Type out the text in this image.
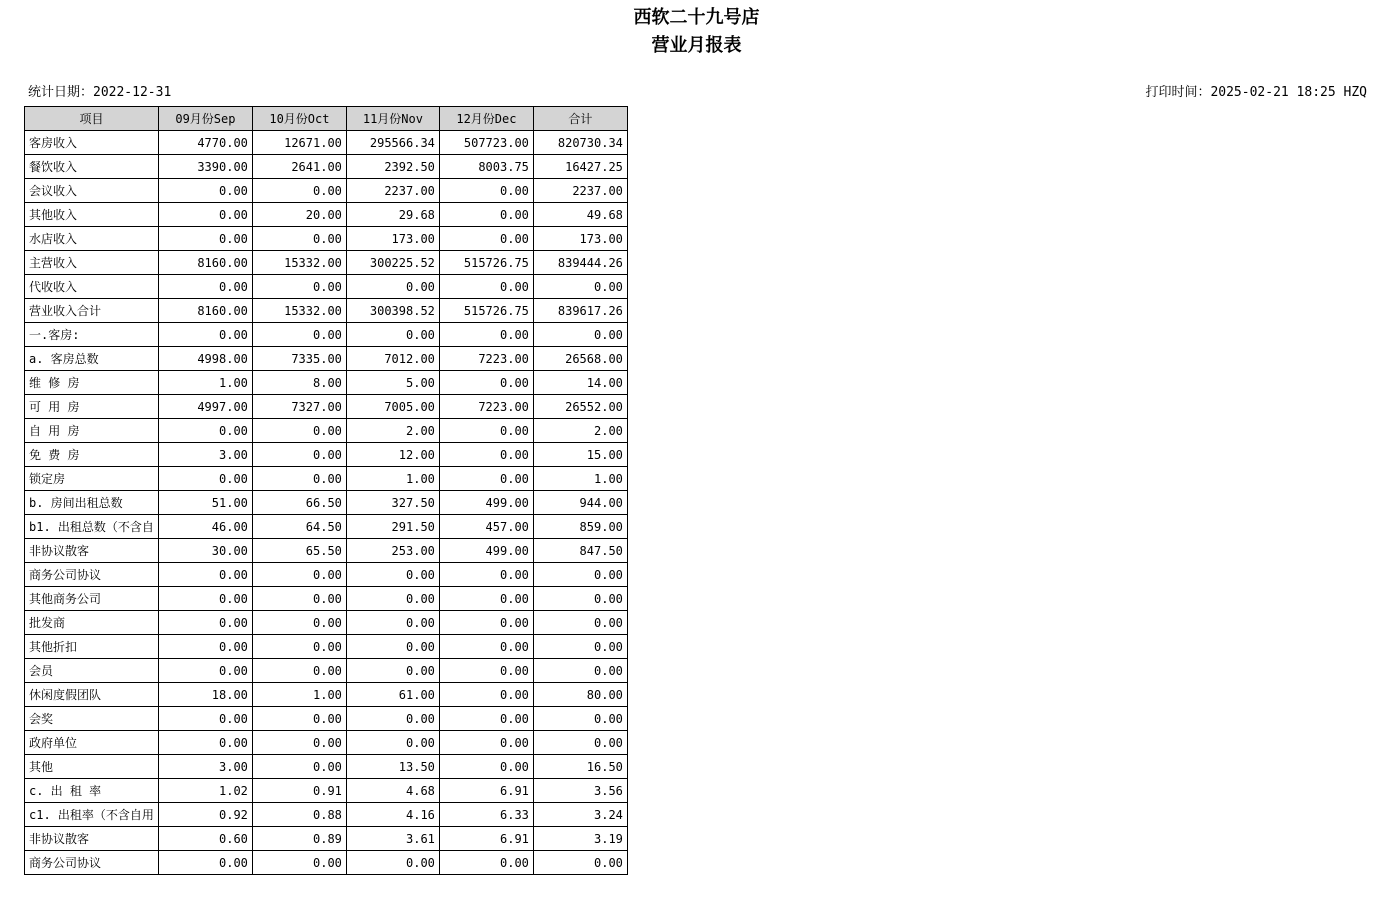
西软二十九号店
营业月报表
统计日期：2022-12-31	打印时间：2025-02-21 18:25 HZQ
项目	09月份Sep	10月份Oct	11月份Nov	12月份Dec	合计
客房收入	4770.00	12671.00	295566.34	507723.00	820730.34
餐饮收入	3390.00	2641.00	2392.50	8003.75	16427.25
会议收入	0.00	0.00	2237.00	0.00	2237.00
其他收入	0.00	20.00	29.68	0.00	49.68
水店收入	0.00	0.00	173.00	0.00	173.00
主营收入	8160.00	15332.00	300225.52	515726.75	839444.26
代收收入	0.00	0.00	0.00	0.00	0.00
营业收入合计	8160.00	15332.00	300398.52	515726.75	839617.26
一.客房:	0.00	0.00	0.00	0.00	0.00
a. 客房总数	4998.00	7335.00	7012.00	7223.00	26568.00
维 修 房	1.00	8.00	5.00	0.00	14.00
可 用 房	4997.00	7327.00	7005.00	7223.00	26552.00
自 用 房	0.00	0.00	2.00	0.00	2.00
免 费 房	3.00	0.00	12.00	0.00	15.00
锁定房	0.00	0.00	1.00	0.00	1.00
b. 房间出租总数	51.00	66.50	327.50	499.00	944.00
b1. 出租总数（不含自	46.00	64.50	291.50	457.00	859.00
非协议散客	30.00	65.50	253.00	499.00	847.50
商务公司协议	0.00	0.00	0.00	0.00	0.00
其他商务公司	0.00	0.00	0.00	0.00	0.00
批发商	0.00	0.00	0.00	0.00	0.00
其他折扣	0.00	0.00	0.00	0.00	0.00
会员	0.00	0.00	0.00	0.00	0.00
休闲度假团队	18.00	1.00	61.00	0.00	80.00
会奖	0.00	0.00	0.00	0.00	0.00
政府单位	0.00	0.00	0.00	0.00	0.00
其他	3.00	0.00	13.50	0.00	16.50
c. 出 租 率	1.02	0.91	4.68	6.91	3.56
c1. 出租率（不含自用	0.92	0.88	4.16	6.33	3.24
非协议散客	0.60	0.89	3.61	6.91	3.19
商务公司协议	0.00	0.00	0.00	0.00	0.00
